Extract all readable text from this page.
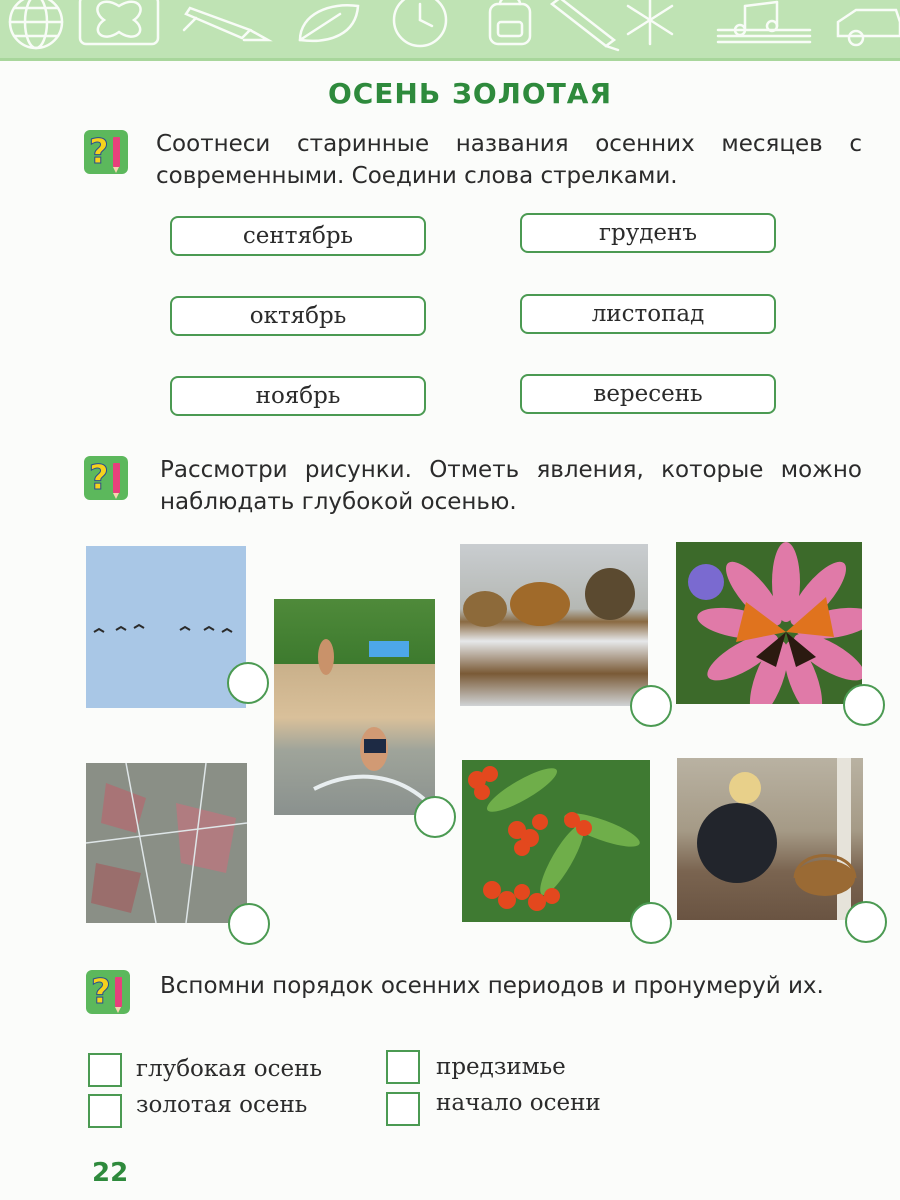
ОСЕНЬ ЗОЛОТАЯ
? Соотнеси старинные названия осенних месяцев с современными. Соедини слова стрелками.
сентябрь
октябрь
ноябрь
груденъ
листопад
вересень
? Рассмотри рисунки. Отметь явления, которые можно наблюдать глубокой осенью.
? Вспомни порядок осенних периодов и пронумеруй их.
глубокая осень	предзимье
золотая осень	начало осени
22
